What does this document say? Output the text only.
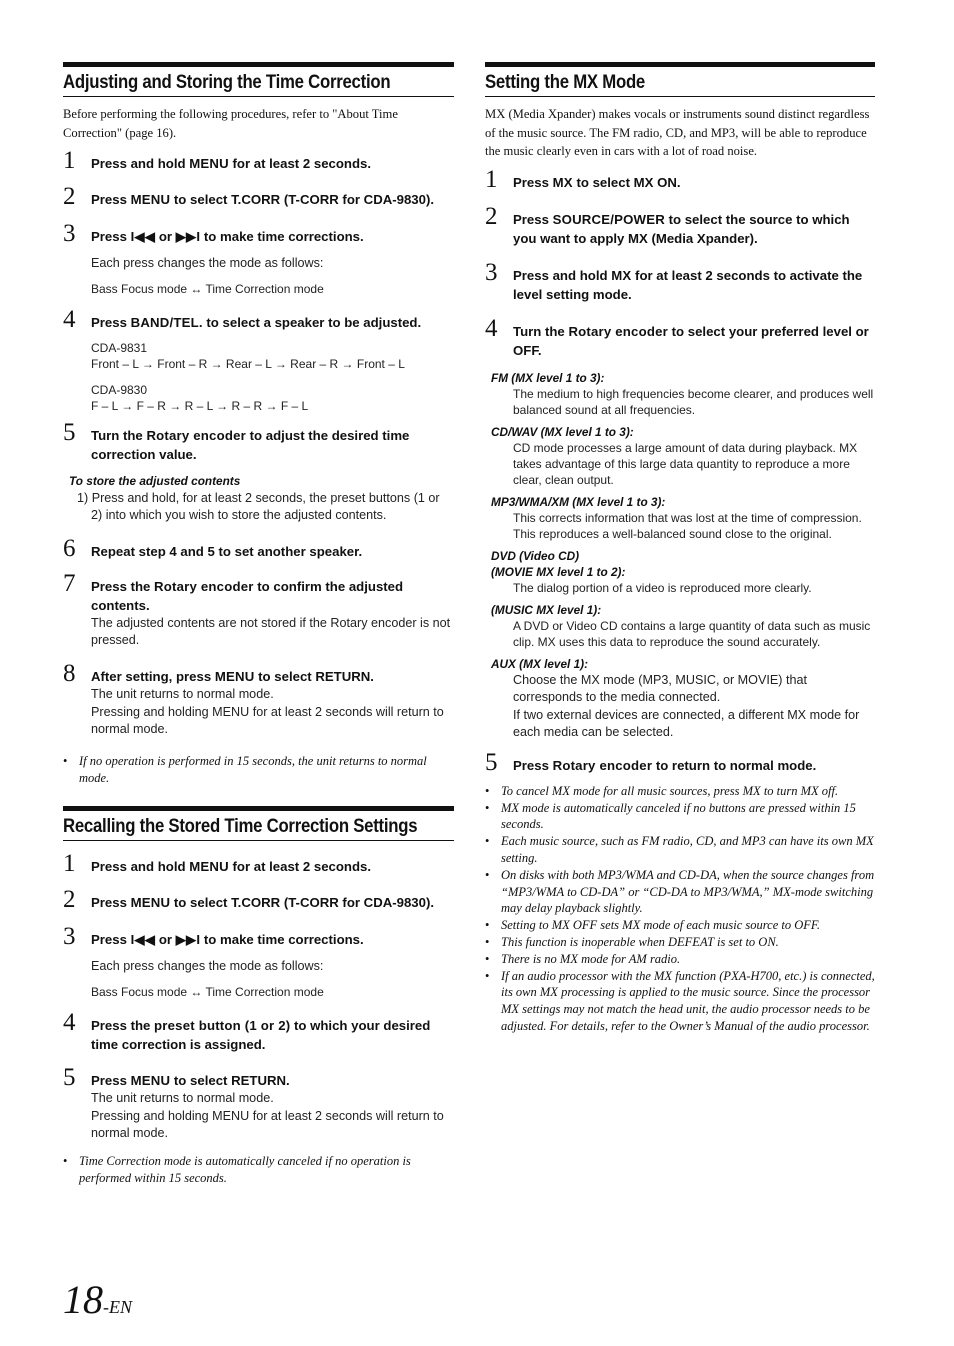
Adjusting and Storing the Time Correction

Before performing the following procedures, refer to "About Time Correction" (page 16).

1 Press and hold MENU for at least 2 seconds.
2 Press MENU to select T.CORR (T-CORR for CDA-9830).
3 Press I◀◀ or ▶▶I to make time corrections.
Each press changes the mode as follows:
Bass Focus mode ↔ Time Correction mode
4 Press BAND/TEL. to select a speaker to be adjusted.
CDA-9831
Front – L → Front – R → Rear – L → Rear – R → Front – L
CDA-9830
F – L → F – R → R – L → R – R → F – L
5 Turn the Rotary encoder to adjust the desired time correction value.
To store the adjusted contents
1) Press and hold, for at least 2 seconds, the preset buttons (1 or 2) into which you wish to store the adjusted contents.
6 Repeat step 4 and 5 to set another speaker.
7 Press the Rotary encoder to confirm the adjusted contents.
The adjusted contents are not stored if the Rotary encoder is not pressed.
8 After setting, press MENU to select RETURN.
The unit returns to normal mode.
Pressing and holding MENU for at least 2 seconds will return to normal mode.
• If no operation is performed in 15 seconds, the unit returns to normal mode.
Recalling the Stored Time Correction Settings
1 Press and hold MENU for at least 2 seconds.
2 Press MENU to select T.CORR (T-CORR for CDA-9830).
3 Press I◀◀ or ▶▶I to make time corrections.
Each press changes the mode as follows:
Bass Focus mode ↔ Time Correction mode
4 Press the preset button (1 or 2) to which your desired time correction is assigned.
5 Press MENU to select RETURN.
The unit returns to normal mode.
Pressing and holding MENU for at least 2 seconds will return to normal mode.
• Time Correction mode is automatically canceled if no operation is performed within 15 seconds.
Setting the MX Mode

MX (Media Xpander) makes vocals or instruments sound distinct regardless of the music source. The FM radio, CD, and MP3, will be able to reproduce the music clearly even in cars with a lot of road noise.

1 Press MX to select MX ON.
2 Press SOURCE/POWER to select the source to which you want to apply MX (Media Xpander).
3 Press and hold MX for at least 2 seconds to activate the level setting mode.
4 Turn the Rotary encoder to select your preferred level or OFF.
FM (MX level 1 to 3):
The medium to high frequencies become clearer, and produces well balanced sound at all frequencies.
CD/WAV (MX level 1 to 3):
CD mode processes a large amount of data during playback. MX takes advantage of this large data quantity to reproduce a more clear, clean output.
MP3/WMA/XM (MX level 1 to 3):
This corrects information that was lost at the time of compression. This reproduces a well-balanced sound close to the original.
DVD (Video CD)
(MOVIE MX level 1 to 2):
The dialog portion of a video is reproduced more clearly.
(MUSIC MX level 1):
A DVD or Video CD contains a large quantity of data such as music clip. MX uses this data to reproduce the sound accurately.
AUX (MX level 1):
Choose the MX mode (MP3, MUSIC, or MOVIE) that corresponds to the media connected.
If two external devices are connected, a different MX mode for each media can be selected.
5 Press Rotary encoder to return to normal mode.
• To cancel MX mode for all music sources, press MX to turn MX off.
• MX mode is automatically canceled if no buttons are pressed within 15 seconds.
• Each music source, such as FM radio, CD, and MP3 can have its own MX setting.
• On disks with both MP3/WMA and CD-DA, when the source changes from “MP3/WMA to CD-DA” or “CD-DA to MP3/WMA,” MX-mode switching may delay playback slightly.
• Setting to MX OFF sets MX mode of each music source to OFF.
• This function is inoperable when DEFEAT is set to ON.
• There is no MX mode for AM radio.
• If an audio processor with the MX function (PXA-H700, etc.) is connected, its own MX processing is applied to the music source. Since the processor MX settings may not match the head unit, the audio processor needs to be adjusted. For details, refer to the Owner’s Manual of the audio processor.
18-EN
